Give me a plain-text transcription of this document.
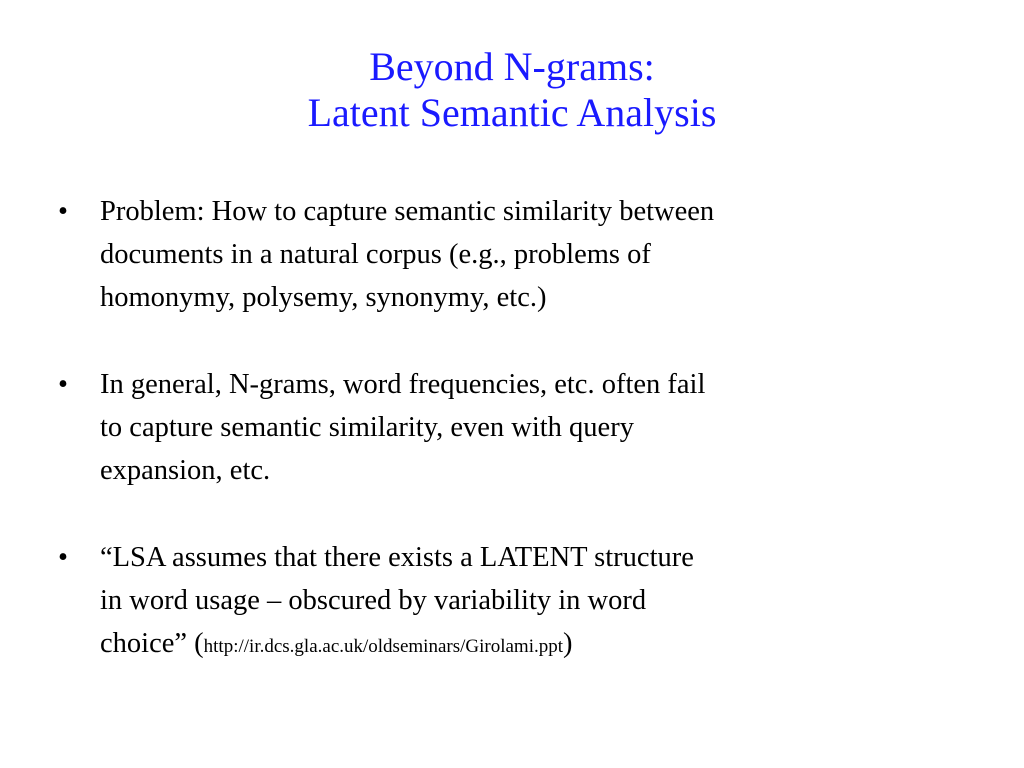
Beyond N-grams:
Latent Semantic Analysis
•	Problem: How to capture semantic similarity between
documents in a natural corpus (e.g., problems of
homonymy, polysemy, synonymy, etc.)
•	In general, N-grams, word frequencies, etc. often fail
to capture semantic similarity, even with query
expansion, etc.
•	“LSA assumes that there exists a LATENT structure
in word usage – obscured by variability in word
choice” (http://ir.dcs.gla.ac.uk/oldseminars/Girolami.ppt)
